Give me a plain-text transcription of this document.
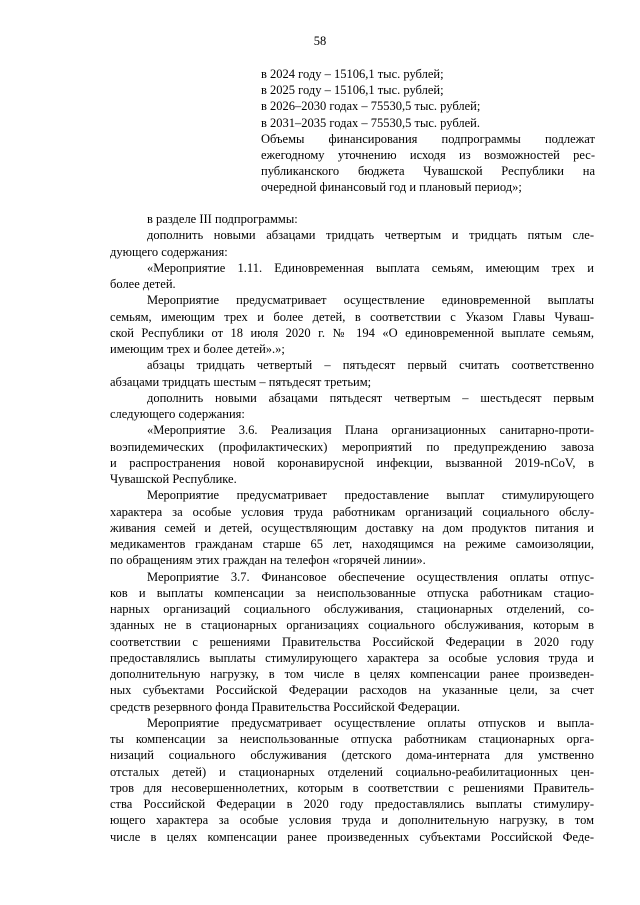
58
в 2024 году – 15106,1 тыс. рублей;
в 2025 году – 15106,1 тыс. рублей;
в 2026–2030 годах – 75530,5 тыс. рублей;
в 2031–2035 годах – 75530,5 тыс. рублей.
Объемы финансирования подпрограммы подлежат
ежегодному уточнению исходя из возможностей рес-
публиканского бюджета Чувашской Республики на
очередной финансовый год и плановый период»;
в разделе III подпрограммы:
дополнить новыми абзацами тридцать четвертым и тридцать пятым сле-
дующего содержания:
«Мероприятие 1.11. Единовременная выплата семьям, имеющим трех и
более детей.
Мероприятие предусматривает осуществление единовременной выплаты
семьям, имеющим трех и более детей, в соответствии с Указом Главы Чуваш-
ской Республики от 18 июля 2020 г. № 194 «О единовременной выплате семьям,
имеющим трех и более детей».»;
абзацы тридцать четвертый – пятьдесят первый считать соответственно
абзацами тридцать шестым – пятьдесят третьим;
дополнить новыми абзацами пятьдесят четвертым – шестьдесят первым
следующего содержания:
«Мероприятие 3.6. Реализация Плана организационных санитарно-проти-
воэпидемических (профилактических) мероприятий по предупреждению завоза
и распространения новой коронавирусной инфекции, вызванной 2019-nCoV, в
Чувашской Республике.
Мероприятие предусматривает предоставление выплат стимулирующего
характера за особые условия труда работникам организаций социального обслу-
живания семей и детей, осуществляющим доставку на дом продуктов питания и
медикаментов гражданам старше 65 лет, находящимся на режиме самоизоляции,
по обращениям этих граждан на телефон «горячей линии».
Мероприятие 3.7. Финансовое обеспечение осуществления оплаты отпус-
ков и выплаты компенсации за неиспользованные отпуска работникам стацио-
нарных организаций социального обслуживания, стационарных отделений, со-
зданных не в стационарных организациях социального обслуживания, которым в
соответствии с решениями Правительства Российской Федерации в 2020 году
предоставлялись выплаты стимулирующего характера за особые условия труда и
дополнительную нагрузку, в том числе в целях компенсации ранее произведен-
ных субъектами Российской Федерации расходов на указанные цели, за счет
средств резервного фонда Правительства Российской Федерации.
Мероприятие предусматривает осуществление оплаты отпусков и выпла-
ты компенсации за неиспользованные отпуска работникам стационарных орга-
низаций социального обслуживания (детского дома-интерната для умственно
отсталых детей) и стационарных отделений социально-реабилитационных цен-
тров для несовершеннолетних, которым в соответствии с решениями Правитель-
ства Российской Федерации в 2020 году предоставлялись выплаты стимулиру-
ющего характера за особые условия труда и дополнительную нагрузку, в том
числе в целях компенсации ранее произведенных субъектами Российской Феде-
